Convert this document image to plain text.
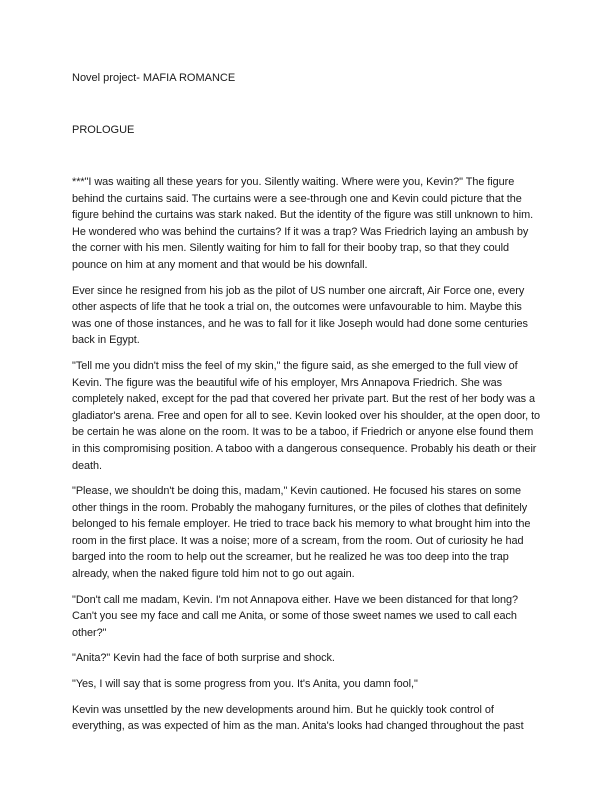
Novel project- MAFIA ROMANCE
PROLOGUE

***"I was waiting all these years for you. Silently waiting. Where were you, Kevin?" The figure behind the curtains said. The curtains were a see-through one and Kevin could picture that the figure behind the curtains was stark naked. But the identity of the figure was still unknown to him. He wondered who was behind the curtains? If it was a trap? Was Friedrich laying an ambush by the corner with his men. Silently waiting for him to fall for their booby trap, so that they could pounce on him at any moment and that would be his downfall.

Ever since he resigned from his job as the pilot of US number one aircraft, Air Force one, every other aspects of life that he took a trial on, the outcomes were unfavourable to him. Maybe this was one of those instances, and he was to fall for it like Joseph would had done some centuries back in Egypt.

"Tell me you didn't miss the feel of my skin," the figure said, as she emerged to the full view of Kevin. The figure was the beautiful wife of his employer, Mrs Annapova Friedrich. She was completely naked, except for the pad that covered her private part. But the rest of her body was a gladiator's arena. Free and open for all to see. Kevin looked over his shoulder, at the open door, to be certain he was alone on the room. It was to be a taboo, if Friedrich or anyone else found them in this compromising position. A taboo with a dangerous consequence. Probably his death or their death.

"Please, we shouldn't be doing this, madam," Kevin cautioned. He focused his stares on some other things in the room. Probably the mahogany furnitures, or the piles of clothes that definitely belonged to his female employer. He tried to trace back his memory to what brought him into the room in the first place. It was a noise; more of a scream, from the room. Out of curiosity he had barged into the room to help out the screamer, but he realized he was too deep into the trap already, when the naked figure told him not to go out again.

"Don't call me madam, Kevin. I'm not Annapova either. Have we been distanced for that long? Can't you see my face and call me Anita, or some of those sweet names we used to call each other?"

"Anita?" Kevin had the face of both surprise and shock.

"Yes, I will say that is some progress from you. It's Anita, you damn fool,"

Kevin was unsettled by the new developments around him. But he quickly took control of everything, as was expected of him as the man. Anita's looks had changed throughout the past
